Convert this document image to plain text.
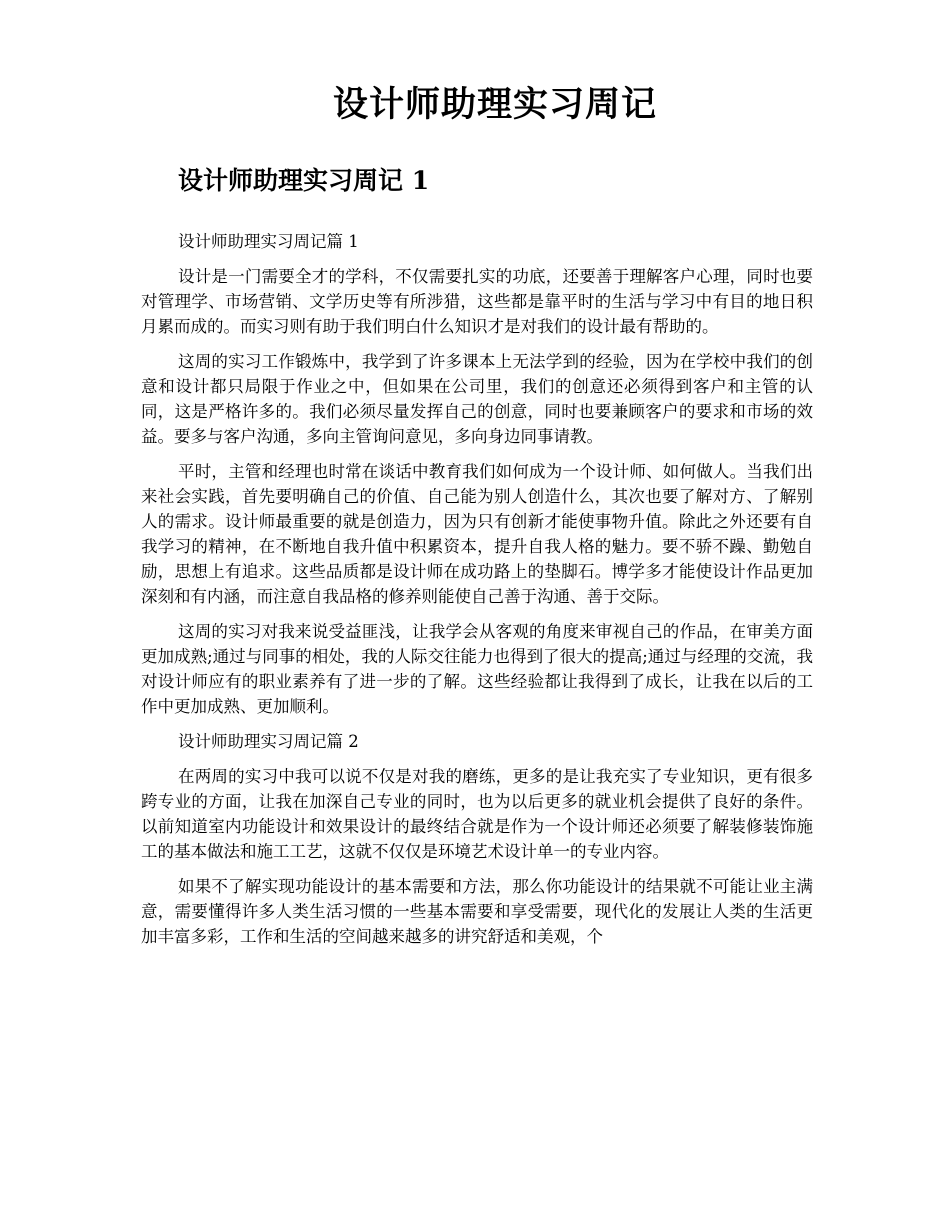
设计师助理实习周记
设计师助理实习周记 1

设计师助理实习周记篇 1

设计是一门需要全才的学科，不仅需要扎实的功底，还要善于理解客户心理，同时也要对管理学、市场营销、文学历史等有所涉猎，这些都是靠平时的生活与学习中有目的地日积月累而成的。而实习则有助于我们明白什么知识才是对我们的设计最有帮助的。

这周的实习工作锻炼中，我学到了许多课本上无法学到的经验，因为在学校中我们的创意和设计都只局限于作业之中，但如果在公司里，我们的创意还必须得到客户和主管的认同，这是严格许多的。我们必须尽量发挥自己的创意，同时也要兼顾客户的要求和市场的效益。要多与客户沟通，多向主管询问意见，多向身边同事请教。

平时，主管和经理也时常在谈话中教育我们如何成为一个设计师、如何做人。当我们出来社会实践，首先要明确自己的价值、自己能为别人创造什么，其次也要了解对方、了解别人的需求。设计师最重要的就是创造力，因为只有创新才能使事物升值。除此之外还要有自我学习的精神，在不断地自我升值中积累资本，提升自我人格的魅力。要不骄不躁、勤勉自励，思想上有追求。这些品质都是设计师在成功路上的垫脚石。博学多才能使设计作品更加深刻和有内涵，而注意自我品格的修养则能使自己善于沟通、善于交际。

这周的实习对我来说受益匪浅，让我学会从客观的角度来审视自己的作品，在审美方面更加成熟;通过与同事的相处，我的人际交往能力也得到了很大的提高;通过与经理的交流，我对设计师应有的职业素养有了进一步的了解。这些经验都让我得到了成长，让我在以后的工作中更加成熟、更加顺利。

设计师助理实习周记篇 2

在两周的实习中我可以说不仅是对我的磨练，更多的是让我充实了专业知识，更有很多跨专业的方面，让我在加深自己专业的同时，也为以后更多的就业机会提供了良好的条件。以前知道室内功能设计和效果设计的最终结合就是作为一个设计师还必须要了解装修装饰施工的基本做法和施工工艺，这就不仅仅是环境艺术设计单一的专业内容。

如果不了解实现功能设计的基本需要和方法，那么你功能设计的结果就不可能让业主满意，需要懂得许多人类生活习惯的一些基本需要和享受需要，现代化的发展让人类的生活更加丰富多彩，工作和生活的空间越来越多的讲究舒适和美观，个
